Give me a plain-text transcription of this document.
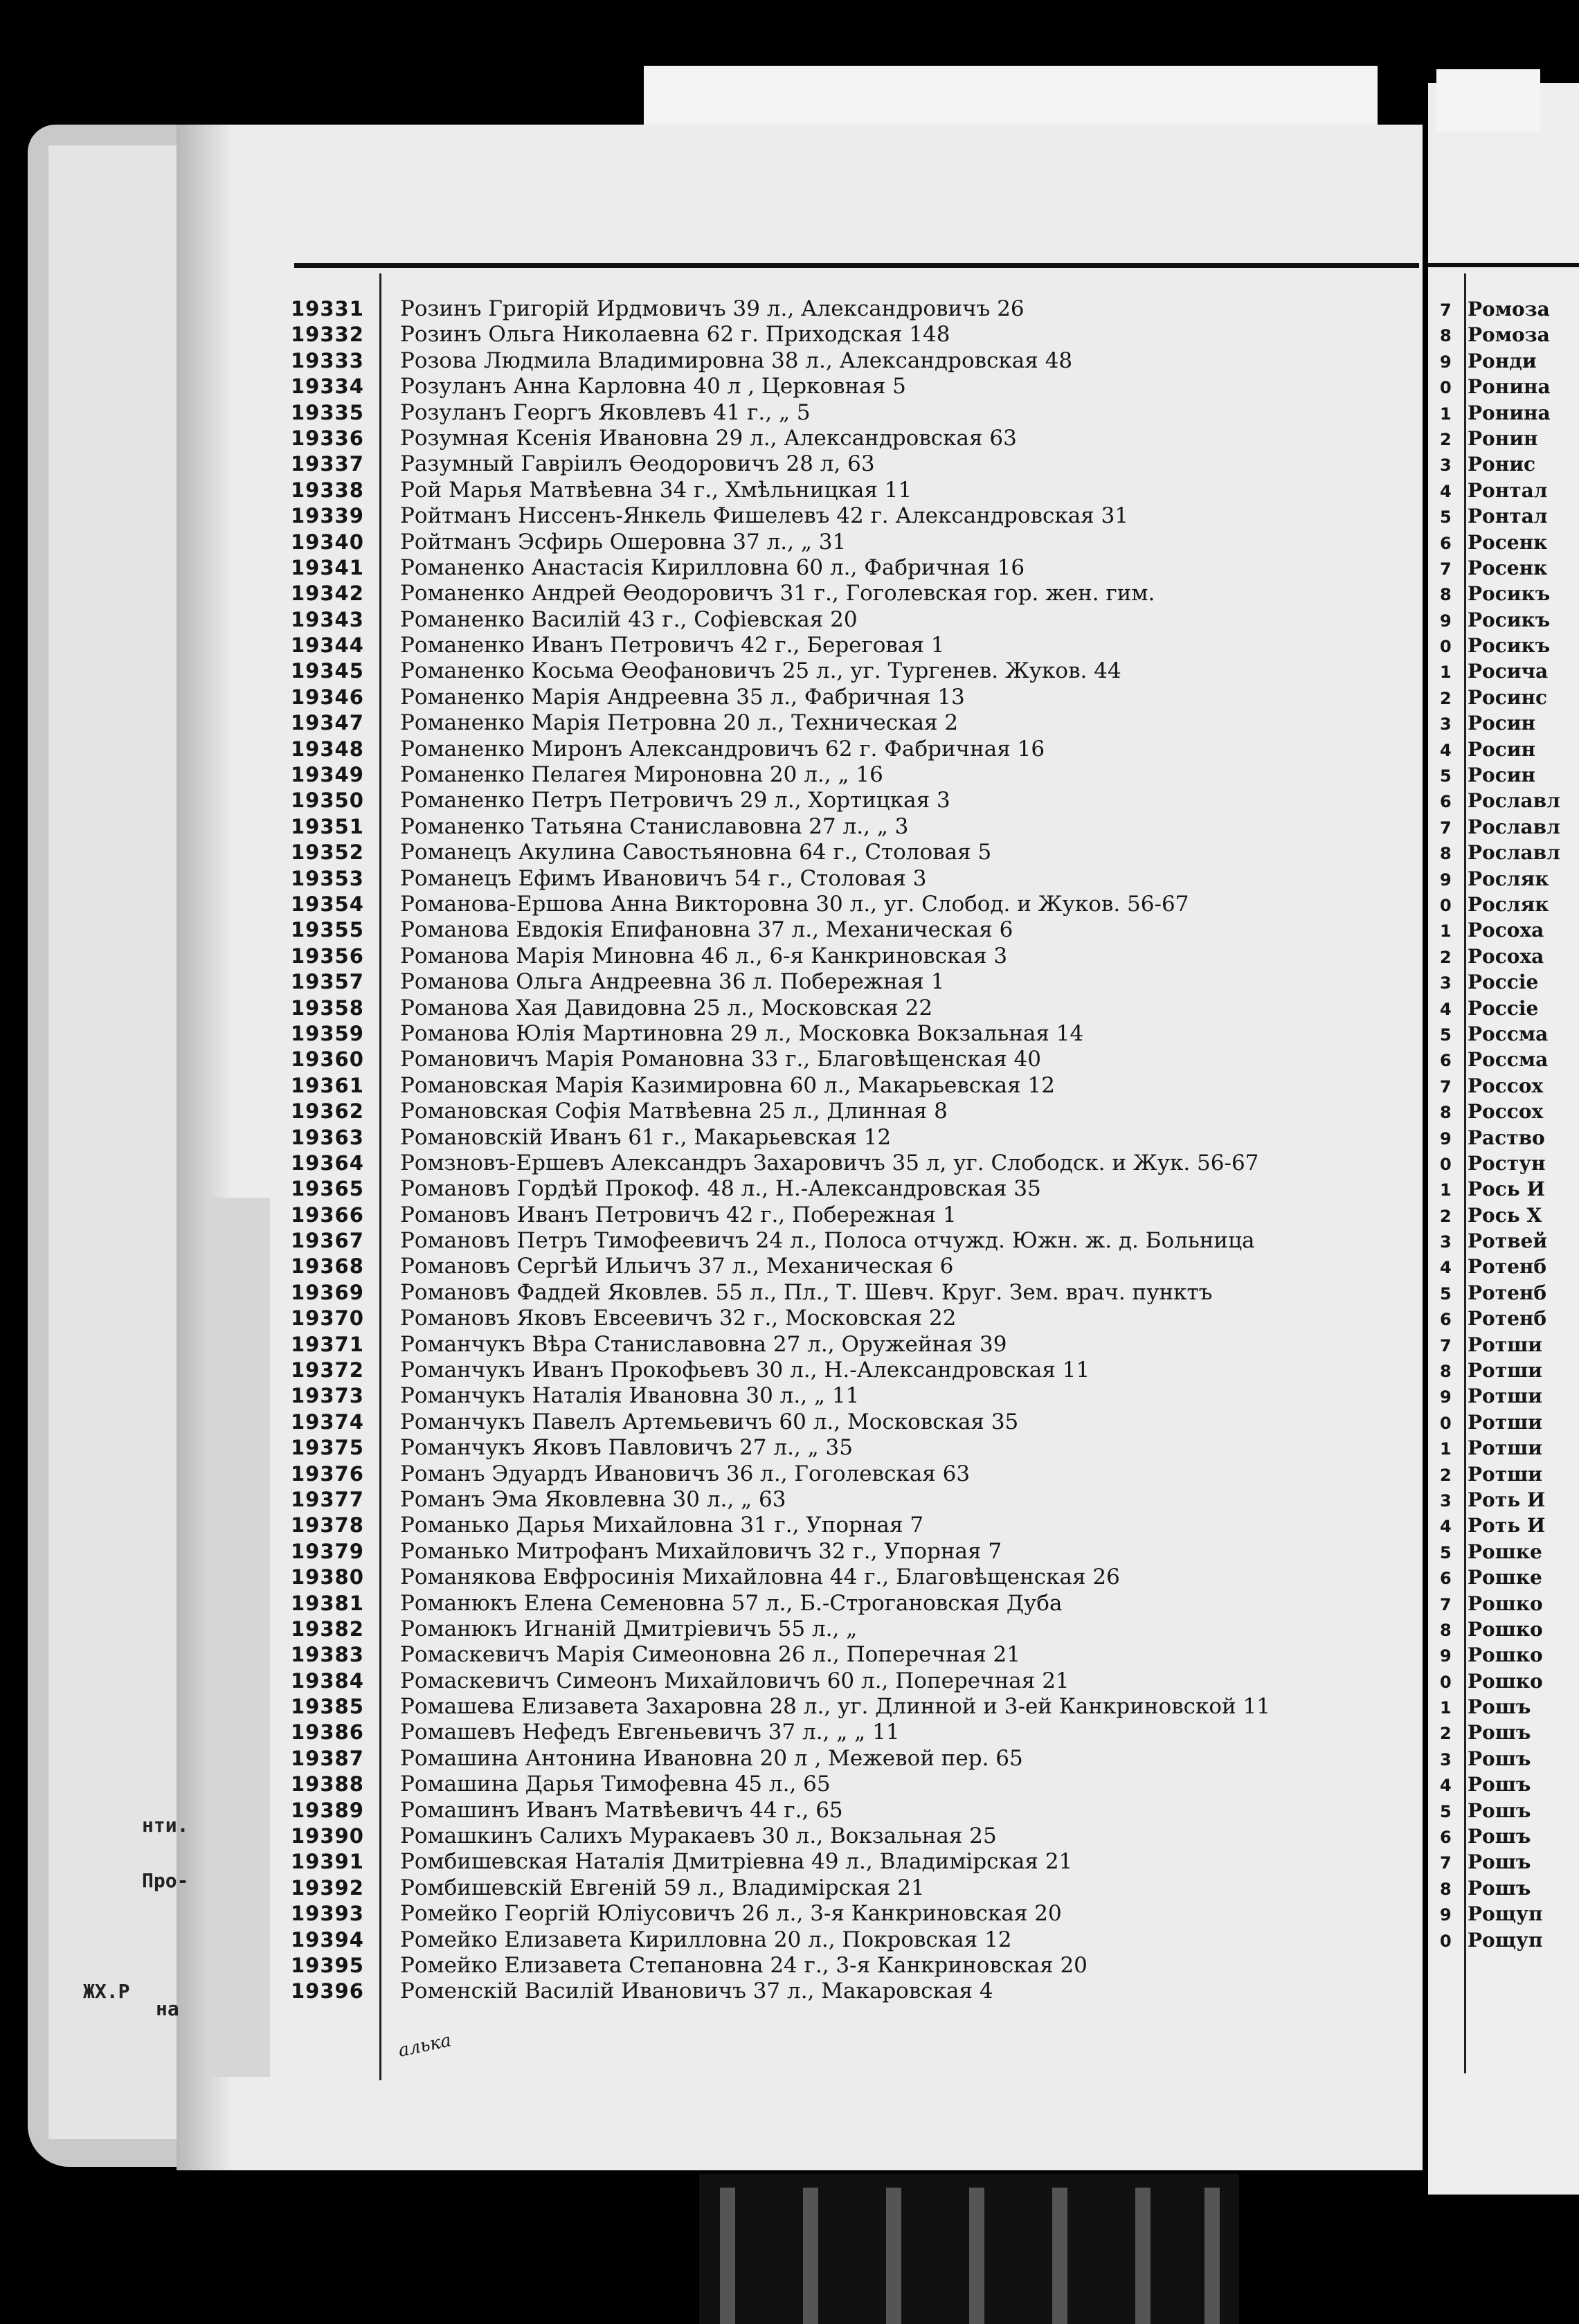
нти.
Про-
ЖХ.Р
на
19331 Розинъ Григорій Ирдмовичъ 39 л., Александровичъ 26
19332 Розинъ Ольга Николаевна 62 г. Приходская 148
19333 Розова Людмила Владимировна 38 л., Александровская 48
19334 Розуланъ Анна Карловна 40 л , Церковная 5
19335 Розуланъ Георгъ Яковлевъ 41 г., „ 5
19336 Розумная Ксенія Ивановна 29 л., Александровская 63
19337 Разумный Гавріилъ Ѳеодоровичъ 28 л, 63
19338 Рой Марья Матвѣевна 34 г., Хмѣльницкая 11
19339 Ройтманъ Ниссенъ-Янкель Фишелевъ 42 г. Александровская 31
19340 Ройтманъ Эсфирь Ошеровна 37 л., „ 31
19341 Романенко Анастасія Кирилловна 60 л., Фабричная 16
19342 Романенко Андрей Ѳеодоровичъ 31 г., Гоголевская гор. жен. гим.
19343 Романенко Василій 43 г., Софіевская 20
19344 Романенко Иванъ Петровичъ 42 г., Береговая 1
19345 Романенко Косьма Ѳеофановичъ 25 л., уг. Тургенев. Жуков. 44
19346 Романенко Марія Андреевна 35 л., Фабричная 13
19347 Романенко Марія Петровна 20 л., Техническая 2
19348 Романенко Миронъ Александровичъ 62 г. Фабричная 16
19349 Романенко Пелагея Мироновна 20 л., „ 16
19350 Романенко Петръ Петровичъ 29 л., Хортицкая 3
19351 Романенко Татьяна Станиславовна 27 л., „ 3
19352 Романецъ Акулина Савостьяновна 64 г., Столовая 5
19353 Романецъ Ефимъ Ивановичъ 54 г., Столовая 3
19354 Романова-Ершова Анна Викторовна 30 л., уг. Слобод. и Жуков. 56-67
19355 Романова Евдокія Епифановна 37 л., Механическая 6
19356 Романова Марія Миновна 46 л., 6-я Канкриновская 3
19357 Романова Ольга Андреевна 36 л. Побережная 1
19358 Романова Хая Давидовна 25 л., Московская 22
19359 Романова Юлія Мартиновна 29 л., Московка Вокзальная 14
19360 Романовичъ Марія Романовна 33 г., Благовѣщенская 40
19361 Романовская Марія Казимировна 60 л., Макарьевская 12
19362 Романовская Софія Матвѣевна 25 л., Длинная 8
19363 Романовскій Иванъ 61 г., Макарьевская 12
19364 Ромзновъ-Ершевъ Александръ Захаровичъ 35 л, уг. Слободск. и Жук. 56-67
19365 Романовъ Гордѣй Прокоф. 48 л., Н.-Александровская 35
19366 Романовъ Иванъ Петровичъ 42 г., Побережная 1
19367 Романовъ Петръ Тимофеевичъ 24 л., Полоса отчужд. Южн. ж. д. Больница
19368 Романовъ Сергѣй Ильичъ 37 л., Механическая 6
19369 Романовъ Фаддей Яковлев. 55 л., Пл., Т. Шевч. Круг. Зем. врач. пунктъ
19370 Романовъ Яковъ Евсеевичъ 32 г., Московская 22
19371 Романчукъ Вѣра Станиславовна 27 л., Оружейная 39
19372 Романчукъ Иванъ Прокофьевъ 30 л., Н.-Александровская 11
19373 Романчукъ Наталія Ивановна 30 л., „ 11
19374 Романчукъ Павелъ Артемьевичъ 60 л., Московская 35
19375 Романчукъ Яковъ Павловичъ 27 л., „ 35
19376 Романъ Эдуардъ Ивановичъ 36 л., Гоголевская 63
19377 Романъ Эма Яковлевна 30 л., „ 63
19378 Романько Дарья Михайловна 31 г., Упорная 7
19379 Романько Митрофанъ Михайловичъ 32 г., Упорная 7
19380 Романякова Евфросинія Михайловна 44 г., Благовѣщенская 26
19381 Романюкъ Елена Семеновна 57 л., Б.-Строгановская Дуба
19382 Романюкъ Игнаній Дмитріевичъ 55 л., „
19383 Ромаскевичъ Марія Симеоновна 26 л., Поперечная 21
19384 Ромаскевичъ Симеонъ Михайловичъ 60 л., Поперечная 21
19385 Ромашева Елизавета Захаровна 28 л., уг. Длинной и 3-ей Канкриновской 11
19386 Ромашевъ Нефедъ Евгеньевичъ 37 л., „ „ 11
19387 Ромашина Антонина Ивановна 20 л , Межевой пер. 65
19388 Ромашина Дарья Тимофевна 45 л., 65
19389 Ромашинъ Иванъ Матвѣевичъ 44 г., 65
19390 Ромашкинъ Салихъ Муракаевъ 30 л., Вокзальная 25
19391 Ромбишевская Наталія Дмитріевна 49 л., Владимірская 21
19392 Ромбишевскій Евгеній 59 л., Владимірская 21
19393 Ромейко Георгій Юліусовичъ 26 л., 3-я Канкриновская 20
19394 Ромейко Елизавета Кирилловна 20 л., Покровская 12
19395 Ромейко Елизавета Степановна 24 г., 3-я Канкриновская 20
19396 Роменскій Василій Ивановичъ 37 л., Макаровская 4
7 Ромоза
8 Ромоза
9 Ронди
0 Ронина
1 Ронина
2 Ронин
3 Ронис
4 Ронтал
5 Ронтал
6 Росенк
7 Росенк
8 Росикъ
9 Росикъ
0 Росикъ
1 Росича
2 Росинс
3 Росин
4 Росин
5 Росин
6 Рославл
7 Рославл
8 Рославл
9 Росляк
0 Росляк
1 Росоха
2 Росоха
3 Россіе
4 Россіе
5 Россма
6 Россма
7 Россох
8 Россох
9 Раство
0 Ростун
1 Рось И
2 Рось Х
3 Ротвей
4 Ротенб
5 Ротенб
6 Ротенб
7 Ротши
8 Ротши
9 Ротши
0 Ротши
1 Ротши
2 Ротши
3 Роть И
4 Роть И
5 Рошке
6 Рошке
7 Рошко
8 Рошко
9 Рошко
0 Рошко
1 Рошъ
2 Рошъ
3 Рошъ
4 Рошъ
5 Рошъ
6 Рошъ
7 Рошъ
8 Рошъ
9 Рощуп
0 Рощуп
алька
